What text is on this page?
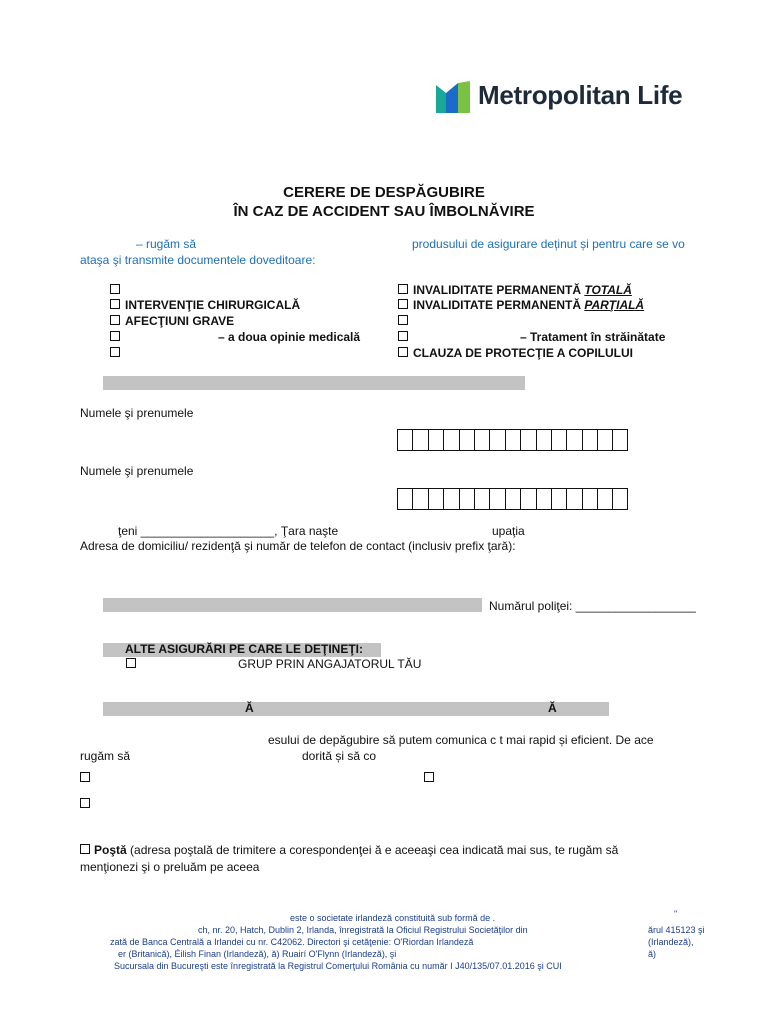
Metropolitan Life
CERERE DE DESPĂGUBIRE
ÎN CAZ DE ACCIDENT SAU ÎMBOLNĂVIRE
– rugăm să	produsului de asigurare deținut și pentru care se vo
ataşa şi transmite documentele doveditoare:
INTERVENŢIE CHIRURGICALĂ
AFECŢIUNI GRAVE
– a doua opinie medicală
INVALIDITATE PERMANENTĂ TOTALĂ
INVALIDITATE PERMANENTĂ PARŢIALĂ
– Tratament în străinătate
CLAUZA DE PROTECŢIE A COPILULUI
Numele şi prenumele
Numele şi prenumele
ţeni ____________________, Ţara naşte	upaţia
Adresa de domiciliu/ rezidenţă şi număr de telefon de contact (inclusiv prefix ţară):
Numărul poliţei: __________________
ALTE ASIGURĂRI PE CARE LE DEŢINEŢI:
GRUP PRIN ANGAJATORUL TĂU
Ă	Ă
esului de depăgubire să putem comunica c t mai rapid și eficient. De ace
rugăm să	dorită și să co
Poştă (adresa poştală de trimitere a corespondenţei ă e aceeaşi cea indicată mai sus, te rugăm să
menţionezi şi o preluăm pe aceea
este o societate irlandeză constituită sub formă de .	"
ch, nr. 20, Hatch, Dublin 2, Irlanda, înregistrată la Oficiul Registrului Societăţilor din	ărul 415123 şi
zată de Banca Centrală a Irlandei cu nr. C42062. Directori şi cetăţenie: O'Riordan Irlandeză	(Irlandeză),
er (Britanică), Éilish Finan (Irlandeză), ă) Ruairí O'Flynn (Irlandeză), şi	ă)
Sucursala din Bucureşti este înregistrată la Registrul Comerţului România cu număr I J40/135/07.01.2016 şi CUI
